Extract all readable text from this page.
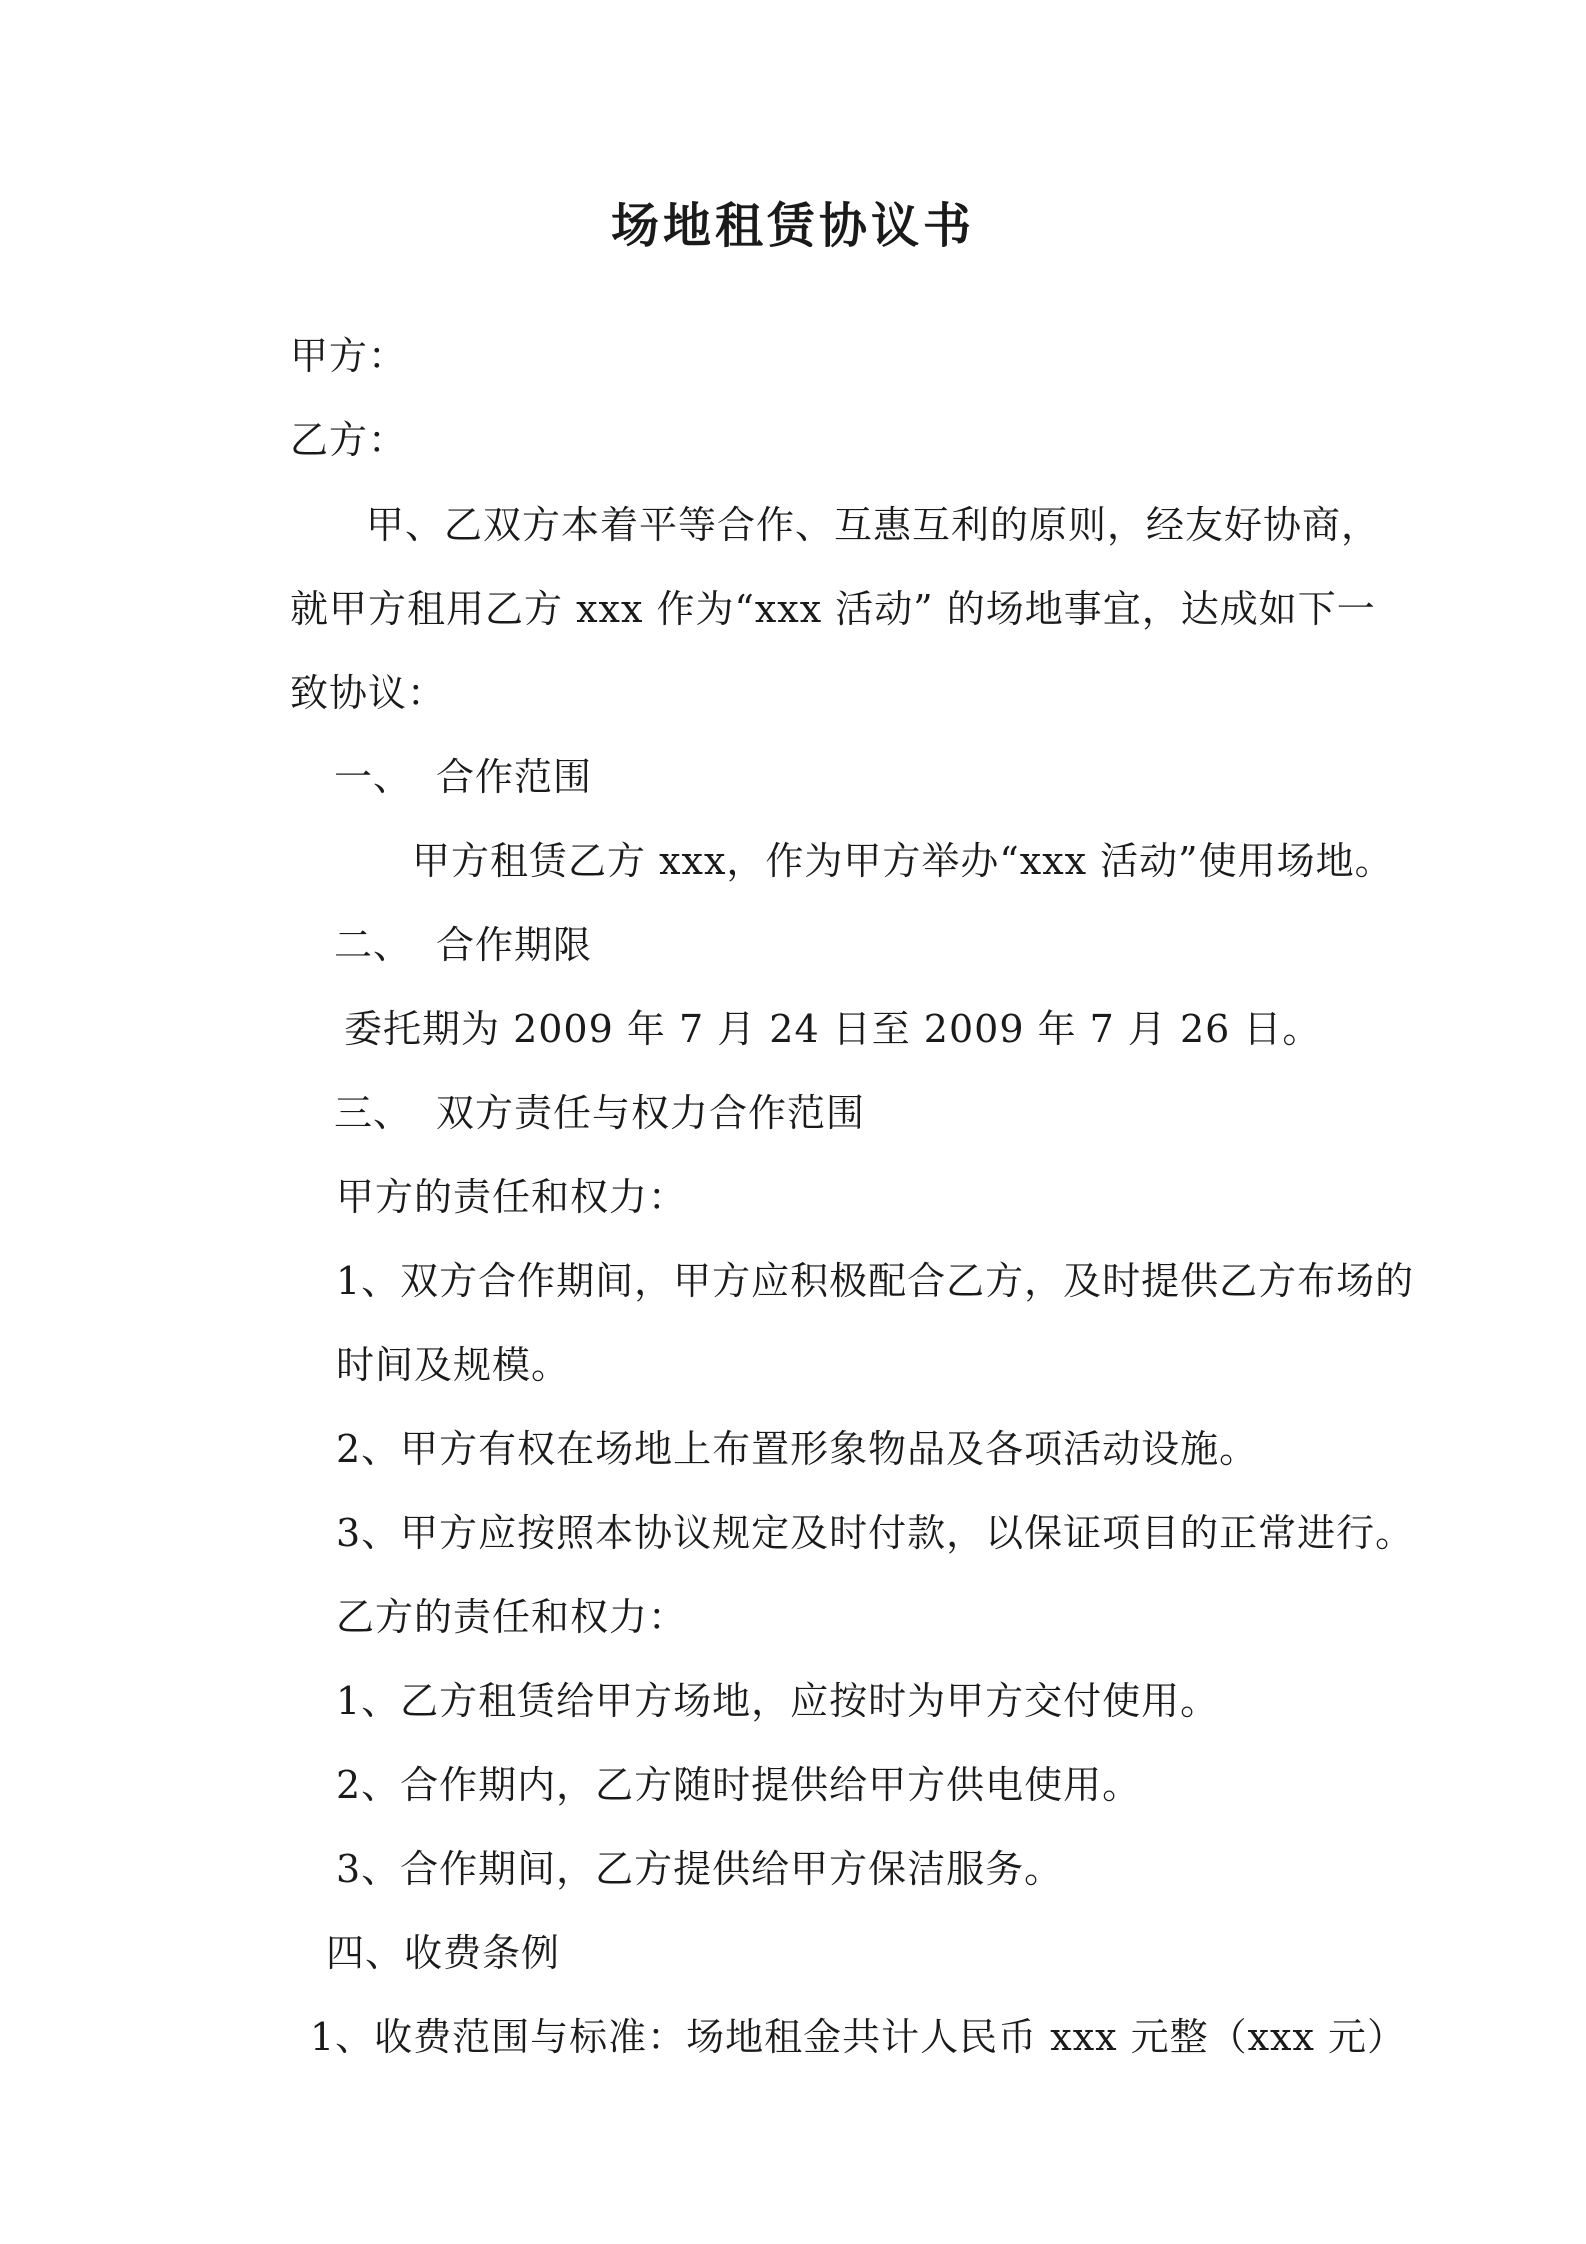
场地租赁协议书
甲方：
乙方：
甲、乙双方本着平等合作、互惠互利的原则，经友好协商，
就甲方租用乙方 xxx 作为“xxx 活动” 的场地事宜，达成如下一
致协议：
一、 合作范围
甲方租赁乙方 xxx，作为甲方举办“xxx 活动”使用场地。
二、 合作期限
委托期为 2009 年 7 月 24 日至 2009 年 7 月 26 日。
三、 双方责任与权力合作范围
甲方的责任和权力：
1、双方合作期间，甲方应积极配合乙方，及时提供乙方布场的
时间及规模。
2、甲方有权在场地上布置形象物品及各项活动设施。
3、甲方应按照本协议规定及时付款，以保证项目的正常进行。
乙方的责任和权力：
1、乙方租赁给甲方场地，应按时为甲方交付使用。
2、合作期内，乙方随时提供给甲方供电使用。
3、合作期间，乙方提供给甲方保洁服务。
四、收费条例
1、收费范围与标准：场地租金共计人民币 xxx 元整（xxx 元）
